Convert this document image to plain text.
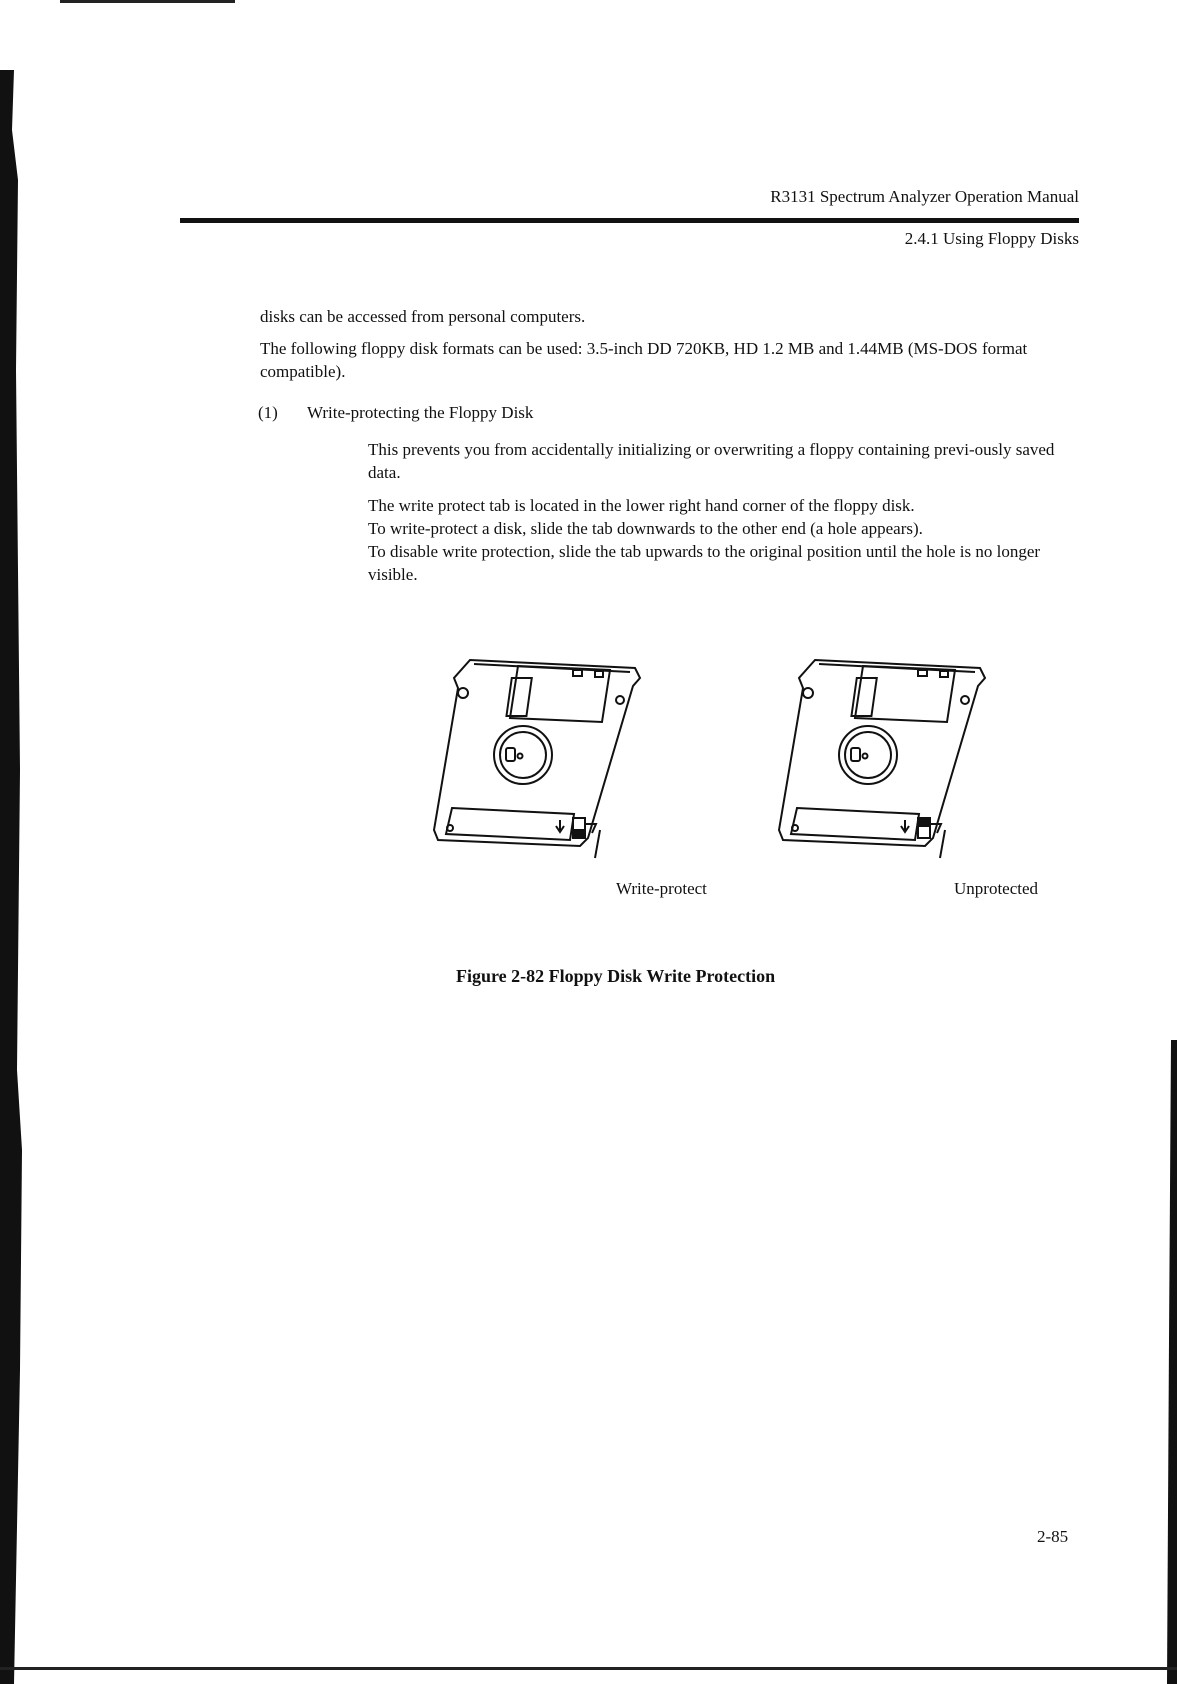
R3131 Spectrum Analyzer Operation Manual
2.4.1 Using Floppy Disks

disks can be accessed from personal computers.

The following floppy disk formats can be used: 3.5-inch DD 720KB, HD 1.2 MB and 1.44MB (MS-DOS format compatible).

(1) Write-protecting the Floppy Disk

This prevents you from accidentally initializing or overwriting a floppy containing previ-ously saved data.

The write protect tab is located in the lower right hand corner of the floppy disk.
To write-protect a disk, slide the tab downwards to the other end (a hole appears).
To disable write protection, slide the tab upwards to the original position until the hole is no longer visible.
Write-protect	Unprotected
Figure 2-82 Floppy Disk Write Protection
2-85
